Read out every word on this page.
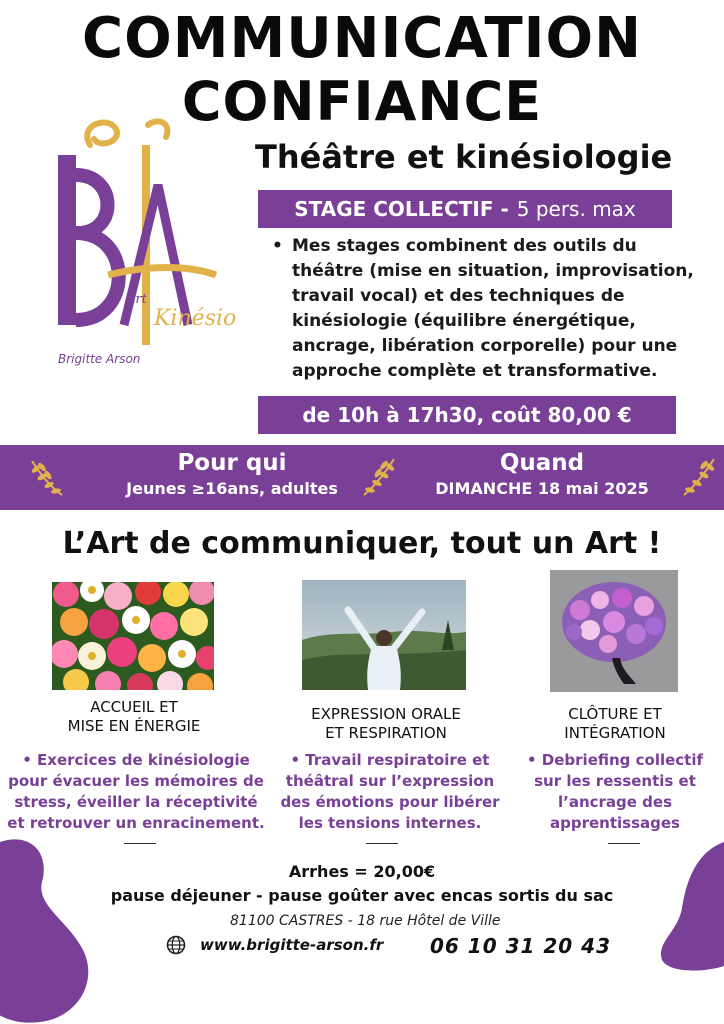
COMMUNICATION
CONFIANCE
Théâtre et kinésiologie
Art
Kinésio
Brigitte Arson
STAGE COLLECTIF - 5 pers. max
• Mes stages combinent des outils du théâtre (mise en situation, improvisation, travail vocal) et des techniques de kinésiologie (équilibre énergétique, ancrage, libération corporelle) pour une approche complète et transformative.
de 10h à 17h30, coût 80,00 €
Pour qui
Jeunes ≥16ans, adultes
Quand
DIMANCHE 18 mai 2025
L’Art de communiquer, tout un Art !
ACCUEIL ET
MISE EN ÉNERGIE
EXPRESSION ORALE
ET RESPIRATION
CLÔTURE ET
INTÉGRATION
• Exercices de kinésiologie pour évacuer les mémoires de stress, éveiller la réceptivité et retrouver un enracinement.
• Travail respiratoire et théâtral sur l’expression des émotions pour libérer les tensions internes.
• Debriefing collectif sur les ressentis et l’ancrage des apprentissages
Arrhes = 20,00€
pause déjeuner - pause goûter avec encas sortis du sac
81100 CASTRES - 18 rue Hôtel de Ville
www.brigitte-arson.fr 06 10 31 20 43
